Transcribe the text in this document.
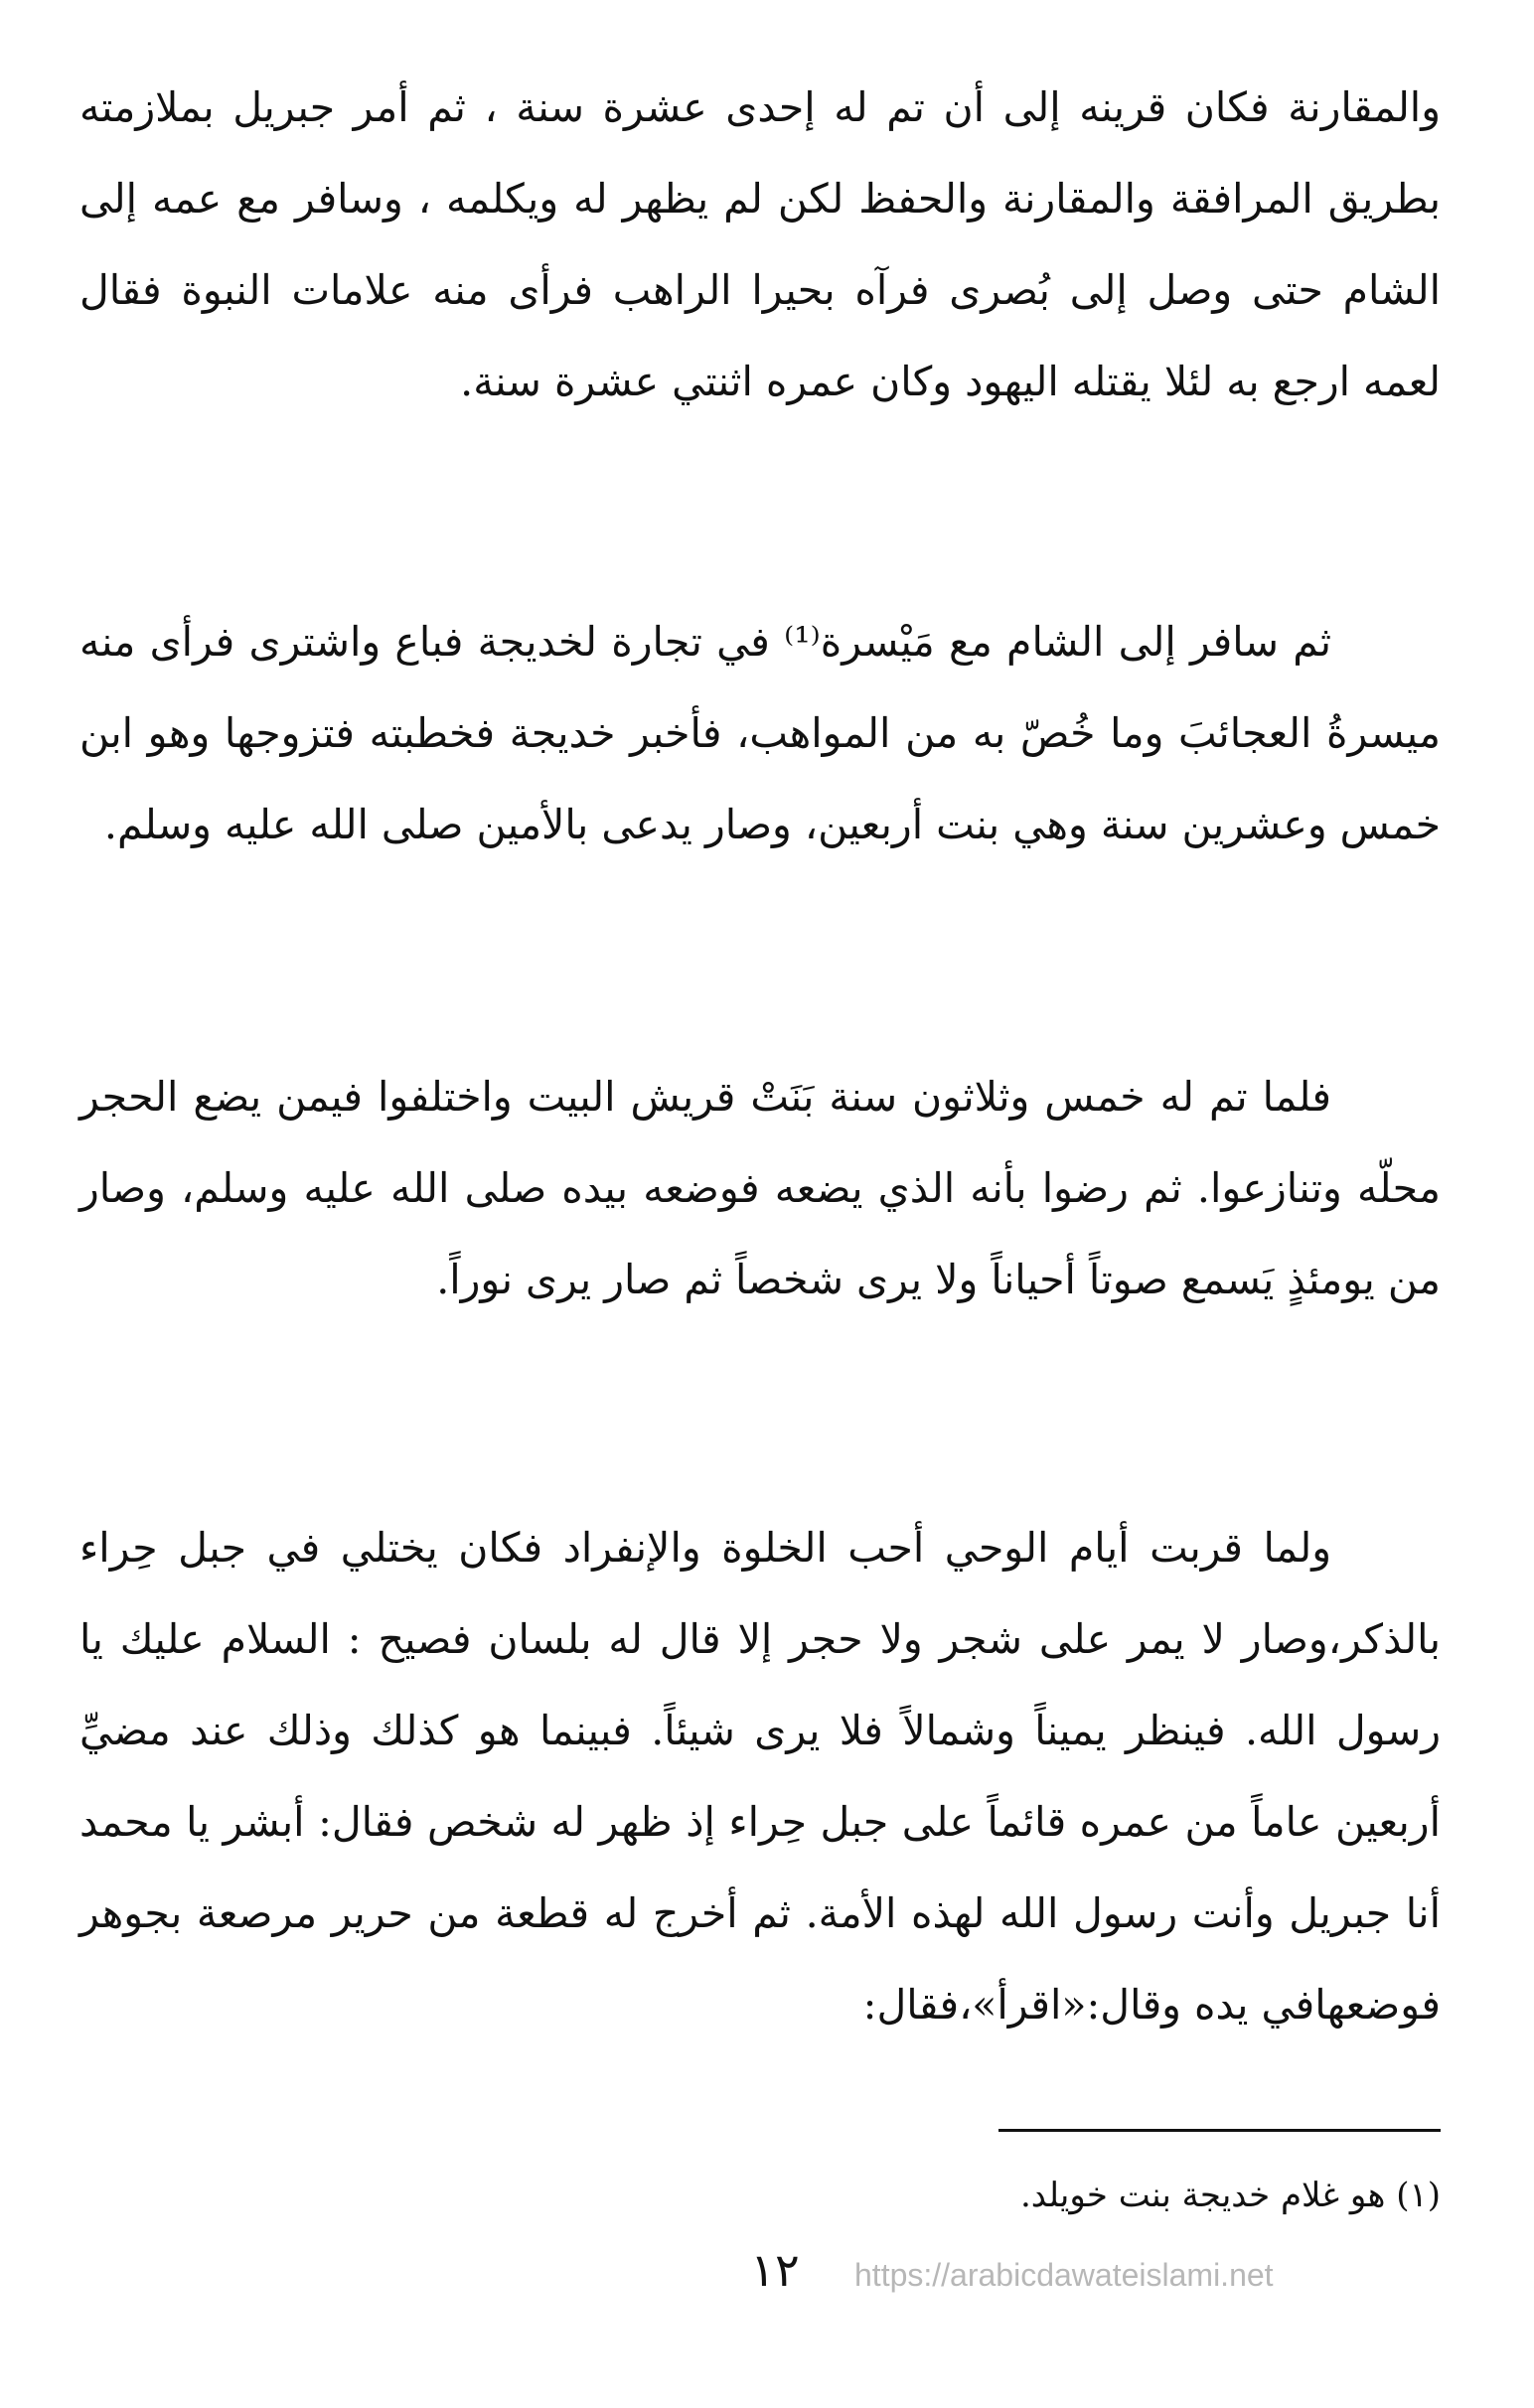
والمقارنة فكان قرينه إلى أن تم له إحدى عشرة سنة ، ثم أمر جبريل بملازمته بطريق المرافقة والمقارنة والحفظ لكن لم يظهر له ويكلمه ، وسافر مع عمه إلى الشام حتى وصل إلى بُصرى فرآه بحيرا الراهب فرأى منه علامات النبوة فقال لعمه ارجع به لئلا يقتله اليهود وكان عمره اثنتي عشرة سنة.

ثم سافر إلى الشام مع مَيْسرة⁽¹⁾ في تجارة لخديجة فباع واشترى فرأى منه ميسرةُ العجائبَ وما خُصّ به من المواهب، فأخبر خديجة فخطبته فتزوجها وهو ابن خمس وعشرين سنة وهي بنت أربعين، وصار يدعى بالأمين صلى الله عليه وسلم.

فلما تم له خمس وثلاثون سنة بَنَتْ قريش البيت واختلفوا فيمن يضع الحجر محلّه وتنازعوا. ثم رضوا بأنه الذي يضعه فوضعه بيده صلى الله عليه وسلم، وصار من يومئذٍ يَسمع صوتاً أحياناً ولا يرى شخصاً ثم صار يرى نوراً.

ولما قربت أيام الوحي أحب الخلوة والإنفراد فكان يختلي في جبل حِراء بالذكر،وصار لا يمر على شجر ولا حجر إلا قال له بلسان فصيح : السلام عليك يا رسول الله. فينظر يميناً وشمالاً فلا يرى شيئاً. فبينما هو كذلك وذلك عند مضيِّ أربعين عاماً من عمره قائماً على جبل حِراء إذ ظهر له شخص فقال: أبشر يا محمد أنا جبريل وأنت رسول الله لهذه الأمة. ثم أخرج له قطعة من حرير مرصعة بجوهر فوضعهافي يده وقال:«اقرأ»،فقال:

(١) هو غلام خديجة بنت خويلد.

١٢	https://arabicdawateislami.net
